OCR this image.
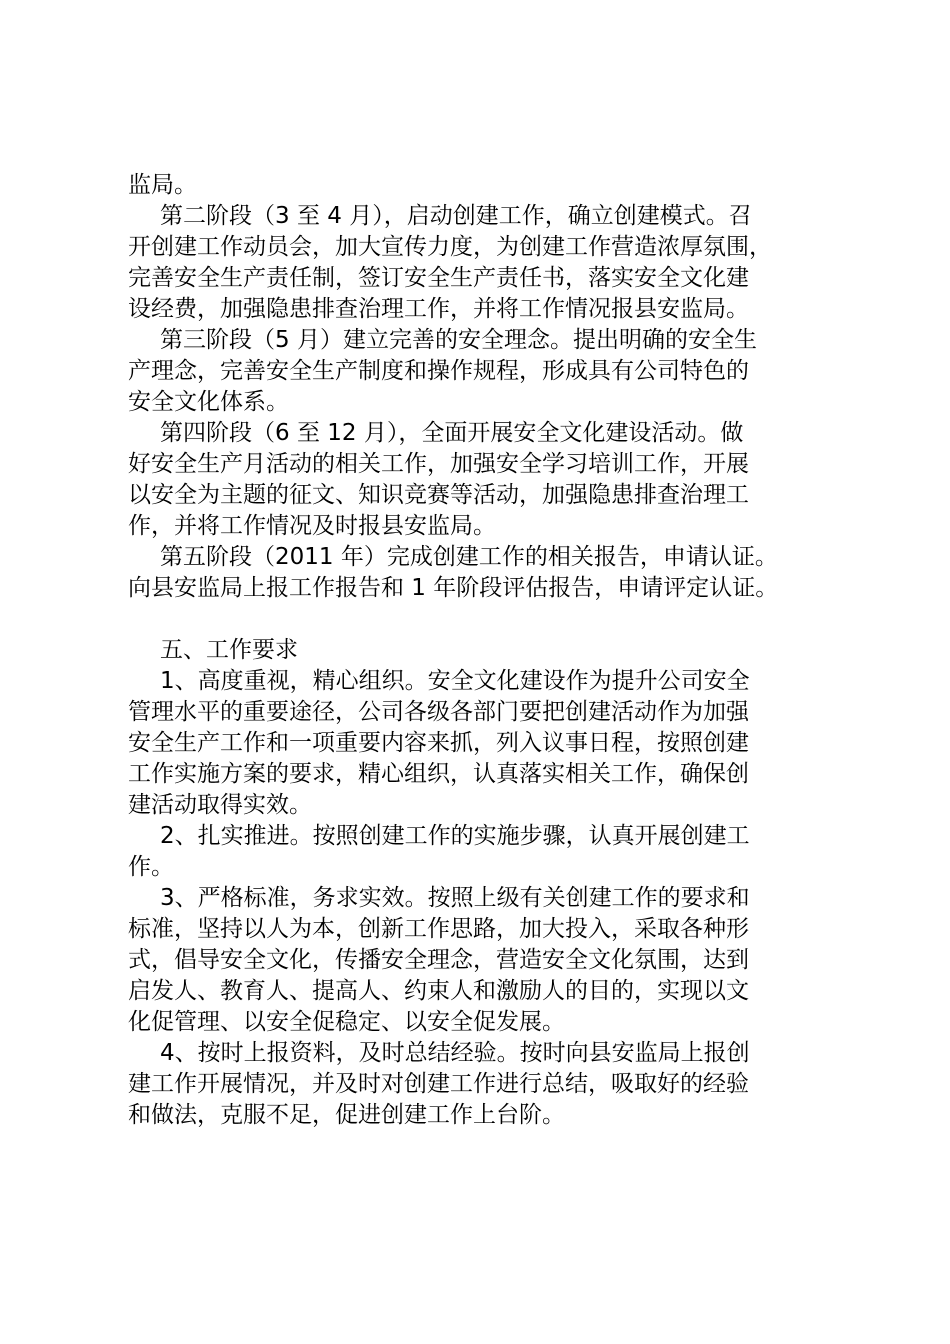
监局。
第二阶段（3 至 4 月），启动创建工作，确立创建模式。召
开创建工作动员会，加大宣传力度，为创建工作营造浓厚氛围，
完善安全生产责任制，签订安全生产责任书，落实安全文化建
设经费，加强隐患排查治理工作，并将工作情况报县安监局。
第三阶段（5 月）建立完善的安全理念。提出明确的安全生
产理念，完善安全生产制度和操作规程，形成具有公司特色的
安全文化体系。
第四阶段（6 至 12 月），全面开展安全文化建设活动。做
好安全生产月活动的相关工作，加强安全学习培训工作，开展
以安全为主题的征文、知识竞赛等活动，加强隐患排查治理工
作，并将工作情况及时报县安监局。
第五阶段（2011 年）完成创建工作的相关报告，申请认证。
向县安监局上报工作报告和 1 年阶段评估报告，申请评定认证。
五、工作要求
1、高度重视，精心组织。安全文化建设作为提升公司安全
管理水平的重要途径，公司各级各部门要把创建活动作为加强
安全生产工作和一项重要内容来抓，列入议事日程，按照创建
工作实施方案的要求，精心组织，认真落实相关工作，确保创
建活动取得实效。
2、扎实推进。按照创建工作的实施步骤，认真开展创建工
作。
3、严格标准，务求实效。按照上级有关创建工作的要求和
标准，坚持以人为本，创新工作思路，加大投入，采取各种形
式，倡导安全文化，传播安全理念，营造安全文化氛围，达到
启发人、教育人、提高人、约束人和激励人的目的，实现以文
化促管理、以安全促稳定、以安全促发展。
4、按时上报资料，及时总结经验。按时向县安监局上报创
建工作开展情况，并及时对创建工作进行总结，吸取好的经验
和做法，克服不足，促进创建工作上台阶。
